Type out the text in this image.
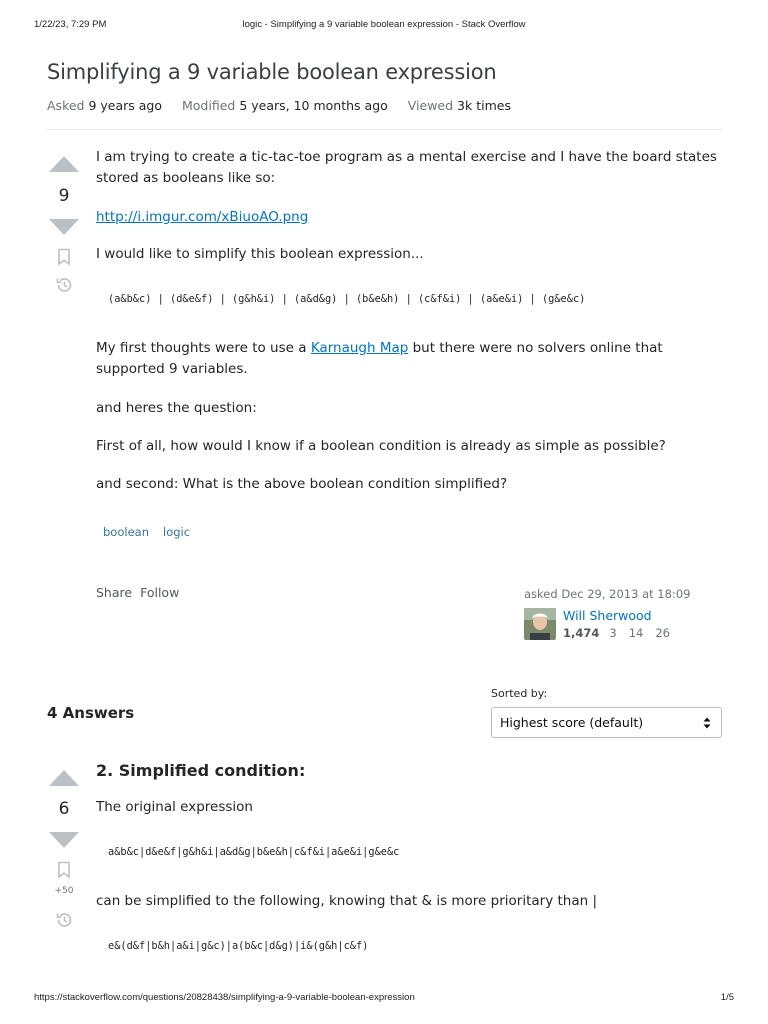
1/22/23, 7:29 PM	logic - Simplifying a 9 variable boolean expression - Stack Overflow
Simplifying a 9 variable boolean expression
Asked 9 years ago Modified 5 years, 10 months ago Viewed 3k times
9

I am trying to create a tic-tac-toe program as a mental exercise and I have the board states stored as booleans like so:

http://i.imgur.com/xBiuoAO.png

I would like to simplify this boolean expression...

(a&b&c) | (d&e&f) | (g&h&i) | (a&d&g) | (b&e&h) | (c&f&i) | (a&e&i) | (g&e&c)

My first thoughts were to use a Karnaugh Map but there were no solvers online that supported 9 variables.

and heres the question:

First of all, how would I know if a boolean condition is already as simple as possible?

and second: What is the above boolean condition simplified?

boolean	logic
Share Follow	asked Dec 29, 2013 at 18:09
Will Sherwood
1,474 3 14 26
4 Answers
Sorted by:
Highest score (default)
6
+50
2. Simplified condition:

The original expression

a&b&c|d&e&f|g&h&i|a&d&g|b&e&h|c&f&i|a&e&i|g&e&c

can be simplified to the following, knowing that & is more prioritary than |

e&(d&f|b&h|a&i|g&c)|a(b&c|d&g)|i&(g&h|c&f)
https://stackoverflow.com/questions/20828438/simplifying-a-9-variable-boolean-expression	1/5
